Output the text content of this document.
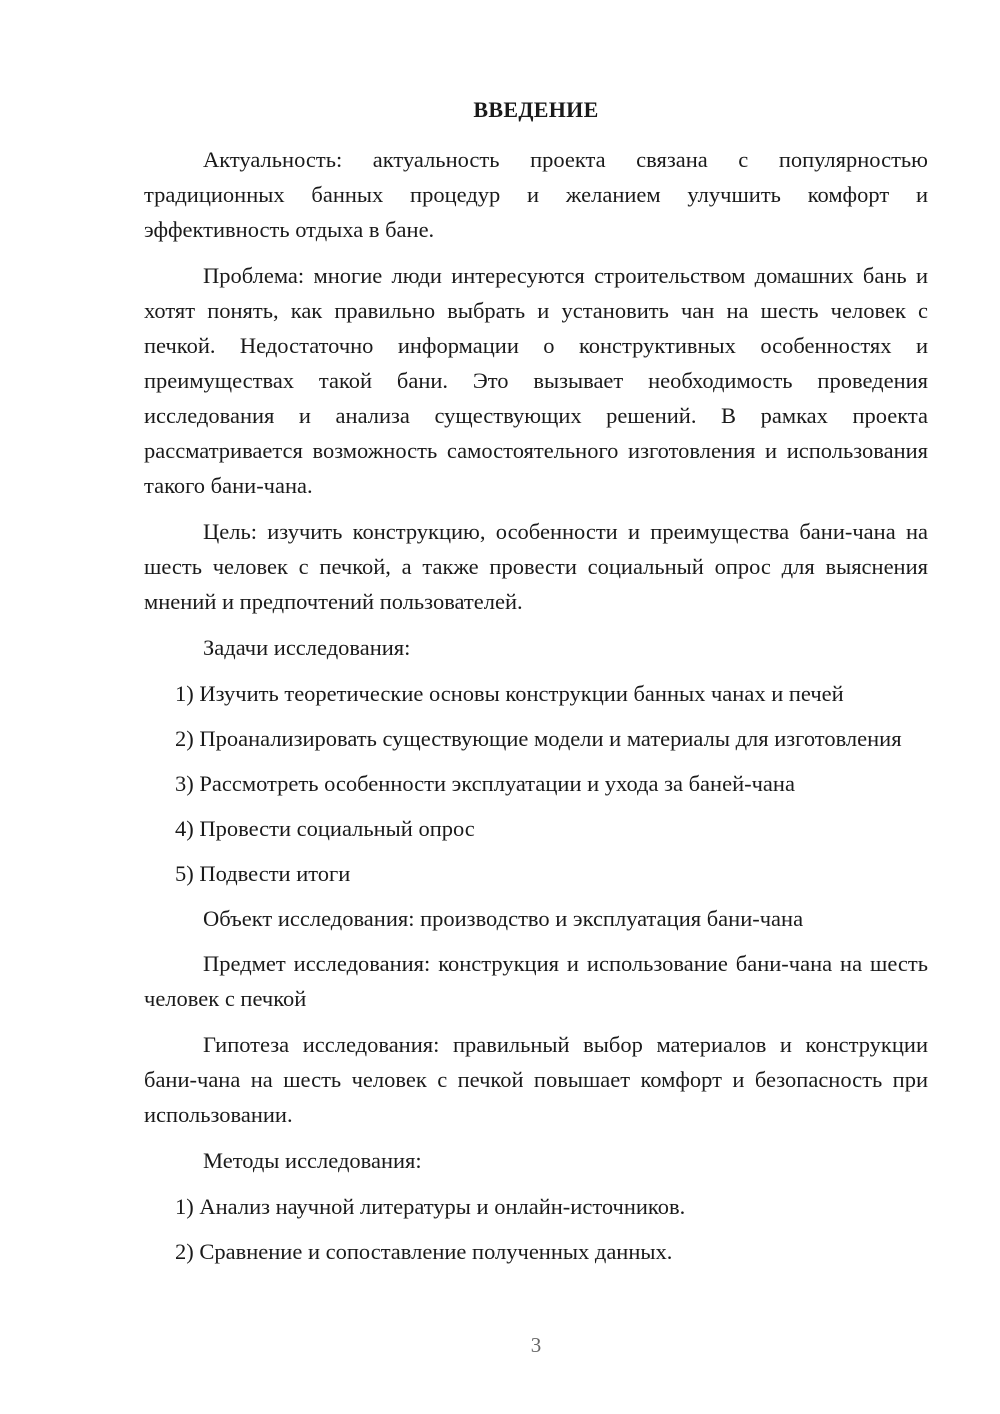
ВВЕДЕНИЕ

Актуальность: актуальность проекта связана с популярностью традиционных банных процедур и желанием улучшить комфорт и эффективность отдыха в бане.

Проблема: многие люди интересуются строительством домашних бань и хотят понять, как правильно выбрать и установить чан на шесть человек с печкой. Недостаточно информации о конструктивных особенностях и преимуществах такой бани. Это вызывает необходимость проведения исследования и анализа существующих решений. В рамках проекта рассматривается возможность самостоятельного изготовления и использования такого бани-чана.

Цель: изучить конструкцию, особенности и преимущества бани-чана на шесть человек с печкой, а также провести социальный опрос для выяснения мнений и предпочтений пользователей.

Задачи исследования:

1) Изучить теоретические основы конструкции банных чанах и печей

2) Проанализировать существующие модели и материалы для изготовления

3) Рассмотреть особенности эксплуатации и ухода за баней-чана

4) Провести социальный опрос

5) Подвести итоги

Объект исследования: производство и эксплуатация бани-чана

Предмет исследования: конструкция и использование бани-чана на шесть человек с печкой

Гипотеза исследования: правильный выбор материалов и конструкции бани-чана на шесть человек с печкой повышает комфорт и безопасность при использовании.

Методы исследования:

1) Анализ научной литературы и онлайн-источников.

2) Сравнение и сопоставление полученных данных.

3
